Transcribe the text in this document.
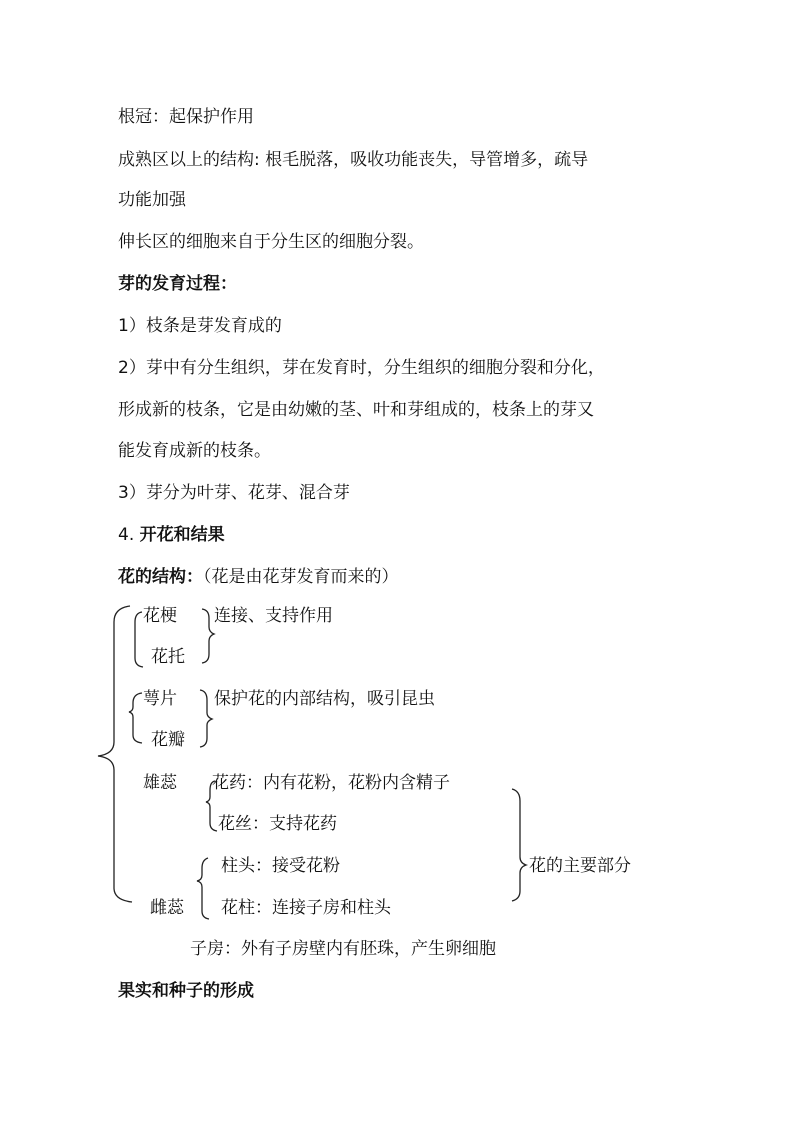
根冠：起保护作用
成熟区以上的结构: 根毛脱落，吸收功能丧失，导管增多，疏导
功能加强
伸长区的细胞来自于分生区的细胞分裂。
芽的发育过程：
1）枝条是芽发育成的
2）芽中有分生组织，芽在发育时，分生组织的细胞分裂和分化，
形成新的枝条，它是由幼嫩的茎、叶和芽组成的，枝条上的芽又
能发育成新的枝条。
3）芽分为叶芽、花芽、混合芽
4. 开花和结果
花的结构：（花是由花芽发育而来的）
花梗
花托
连接、支持作用
萼片
花瓣
保护花的内部结构，吸引昆虫
雄蕊 花药：内有花粉，花粉内含精子
花丝：支持花药
柱头：接受花粉	花的主要部分
雌蕊 花柱：连接子房和柱头
子房：外有子房壁内有胚珠，产生卵细胞
果实和种子的形成
